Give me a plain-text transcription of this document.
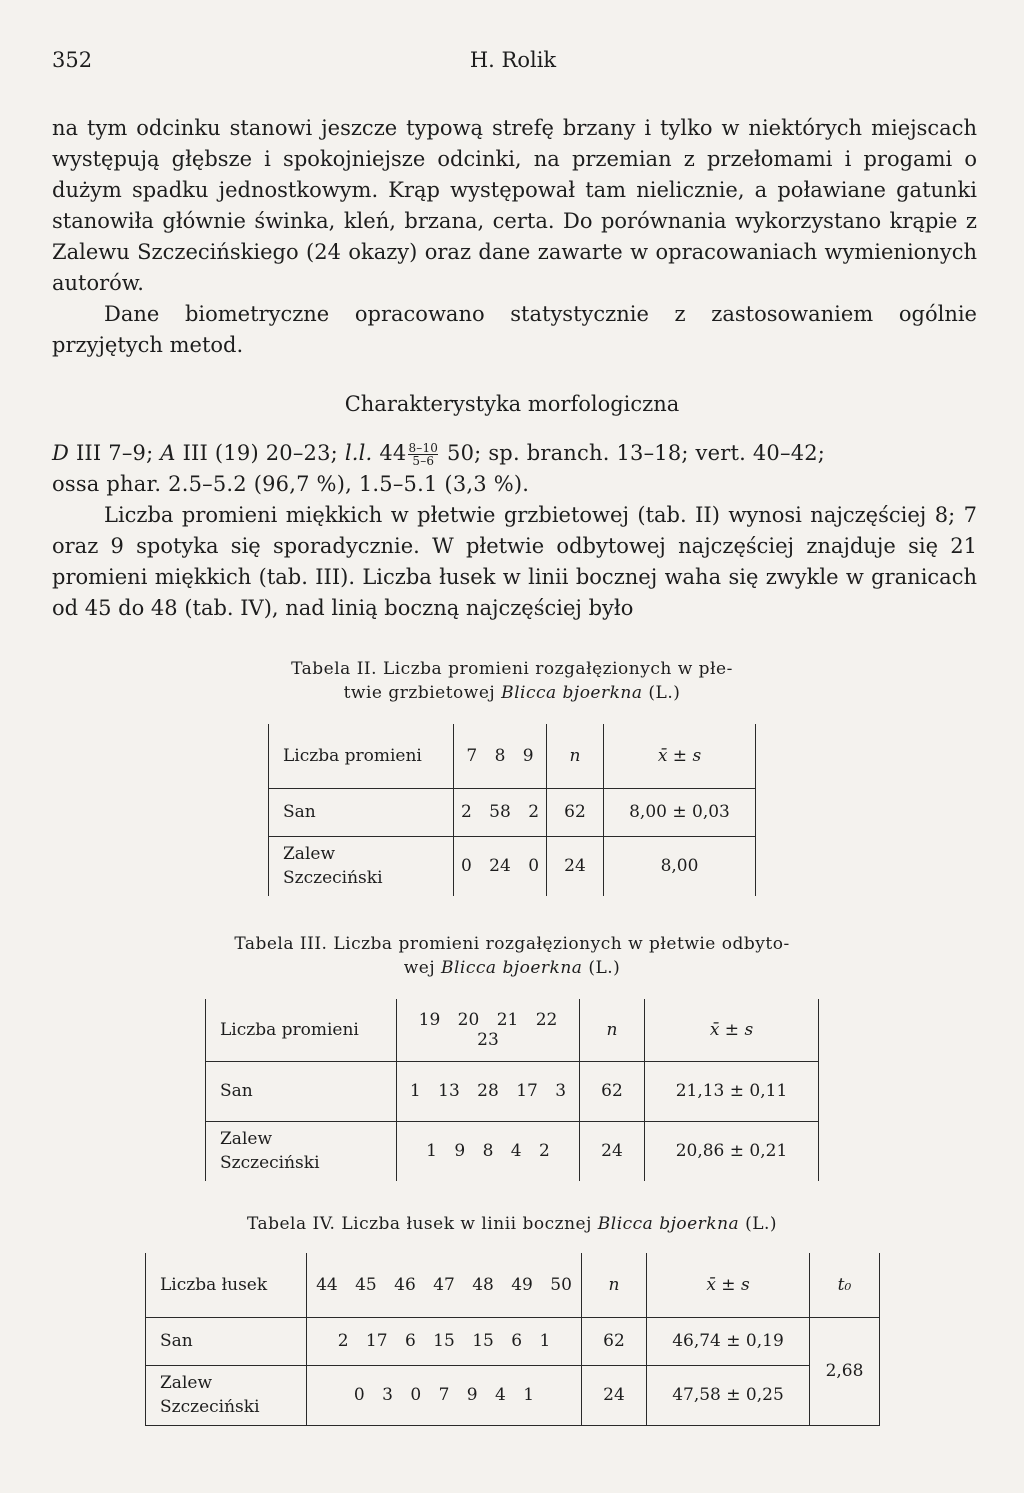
352	H. Rolik

na tym odcinku stanowi jeszcze typową strefę brzany i tylko w niektórych miejscach występują głębsze i spokojniejsze odcinki, na przemian z przełomami i progami o dużym spadku jednostkowym. Krąp występował tam nielicznie, a poławiane gatunki stanowiła głównie świnka, kleń, brzana, certa. Do porównania wykorzystano krąpie z Zalewu Szczecińskiego (24 okazy) oraz dane zawarte w opracowaniach wymienionych autorów.

Dane biometryczne opracowano statystycznie z zastosowaniem ogólnie przyjętych metod.

Charakterystyka morfologiczna
D III 7–9; A III (19) 20–23; l.l. $44 \frac{8-10}{5-6} 50$; sp. branch. 13–18; vert. 40–42;
ossa phar. 2.5–5.2 (96,7 %), 1.5–5.1 (3,3 %).

Liczba promieni miękkich w płetwie grzbietowej (tab. II) wynosi najczęściej 8; 7 oraz 9 spotyka się sporadycznie. W płetwie odbytowej najczęściej znajduje się 21 promieni miękkich (tab. III). Liczba łusek w linii bocznej waha się zwykle w granicach od 45 do 48 (tab. IV), nad linią boczną najczęściej było

Tabela II. Liczba promieni rozgałęzionych w płe-
twie grzbietowej Blicca bjoerkna (L.)
Liczba promieni	7 8 9	n	x̄ ± s
San	2 58 2	62	8,00 ± 0,03

Zalew
Szczeciński	0 24 0	24	8,00
Tabela III. Liczba promieni rozgałęzionych w płetwie odbyto-
wej Blicca bjoerkna (L.)
Liczba promieni	19 20 21 22 23	n	x̄ ± s
San	1 13 28 17 3	62	21,13 ± 0,11

Zalew
Szczeciński	1 9 8 4 2	24	20,86 ± 0,21
Tabela IV. Liczba łusek w linii bocznej Blicca bjoerkna (L.)
Liczba łusek	44 45 46 47 48 49 50	n	x̄ ± s	t₀
San	2 17 6 15 15 6 1	62	46,74 ± 0,19	2,68

Zalew
Szczeciński	0 3 0 7 9 4 1	24	47,58 ± 0,25	
